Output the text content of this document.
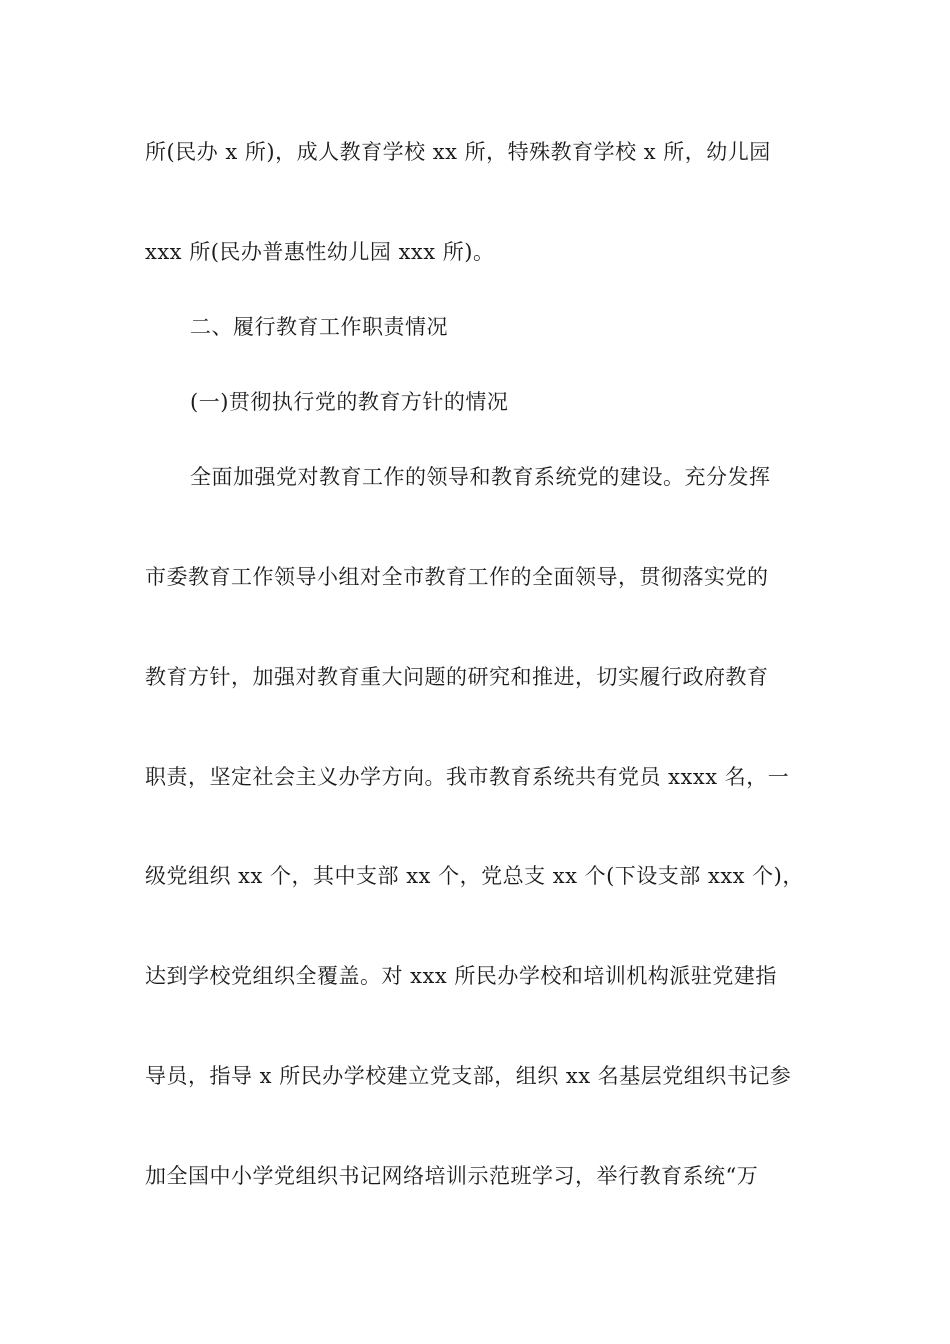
所(民办 x 所)，成人教育学校 xx 所，特殊教育学校 x 所，幼儿园
xxx 所(民办普惠性幼儿园 xxx 所)。
二、履行教育工作职责情况
(一)贯彻执行党的教育方针的情况
全面加强党对教育工作的领导和教育系统党的建设。充分发挥
市委教育工作领导小组对全市教育工作的全面领导，贯彻落实党的
教育方针，加强对教育重大问题的研究和推进，切实履行政府教育
职责，坚定社会主义办学方向。我市教育系统共有党员 xxxx 名，一
级党组织 xx 个，其中支部 xx 个，党总支 xx 个(下设支部 xxx 个)，
达到学校党组织全覆盖。对 xxx 所民办学校和培训机构派驻党建指
导员，指导 x 所民办学校建立党支部，组织 xx 名基层党组织书记参
加全国中小学党组织书记网络培训示范班学习，举行教育系统“万
